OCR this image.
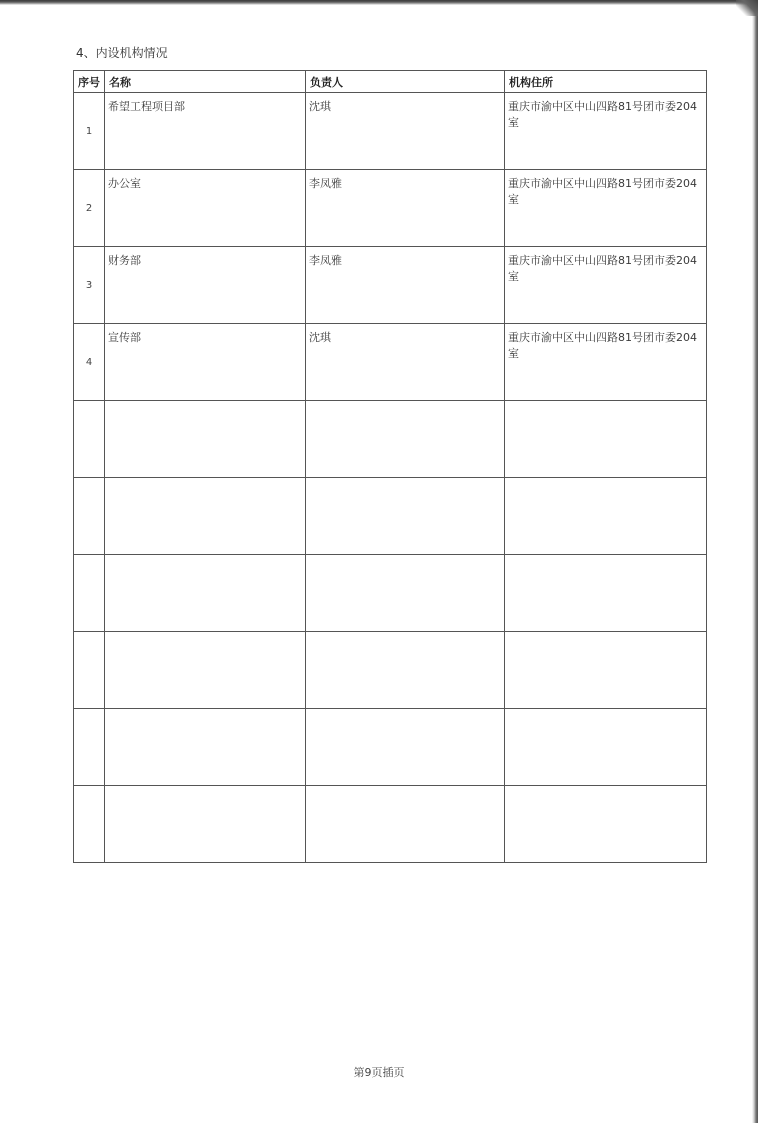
4、内设机构情况
序号	名称	负责人	机构住所
1	希望工程项目部	沈琪	重庆市渝中区中山四路81号团市委204室
2	办公室	李凤雅	重庆市渝中区中山四路81号团市委204室
3	财务部	李凤雅	重庆市渝中区中山四路81号团市委204室
4	宣传部	沈琪	重庆市渝中区中山四路81号团市委204室

第9页插页
